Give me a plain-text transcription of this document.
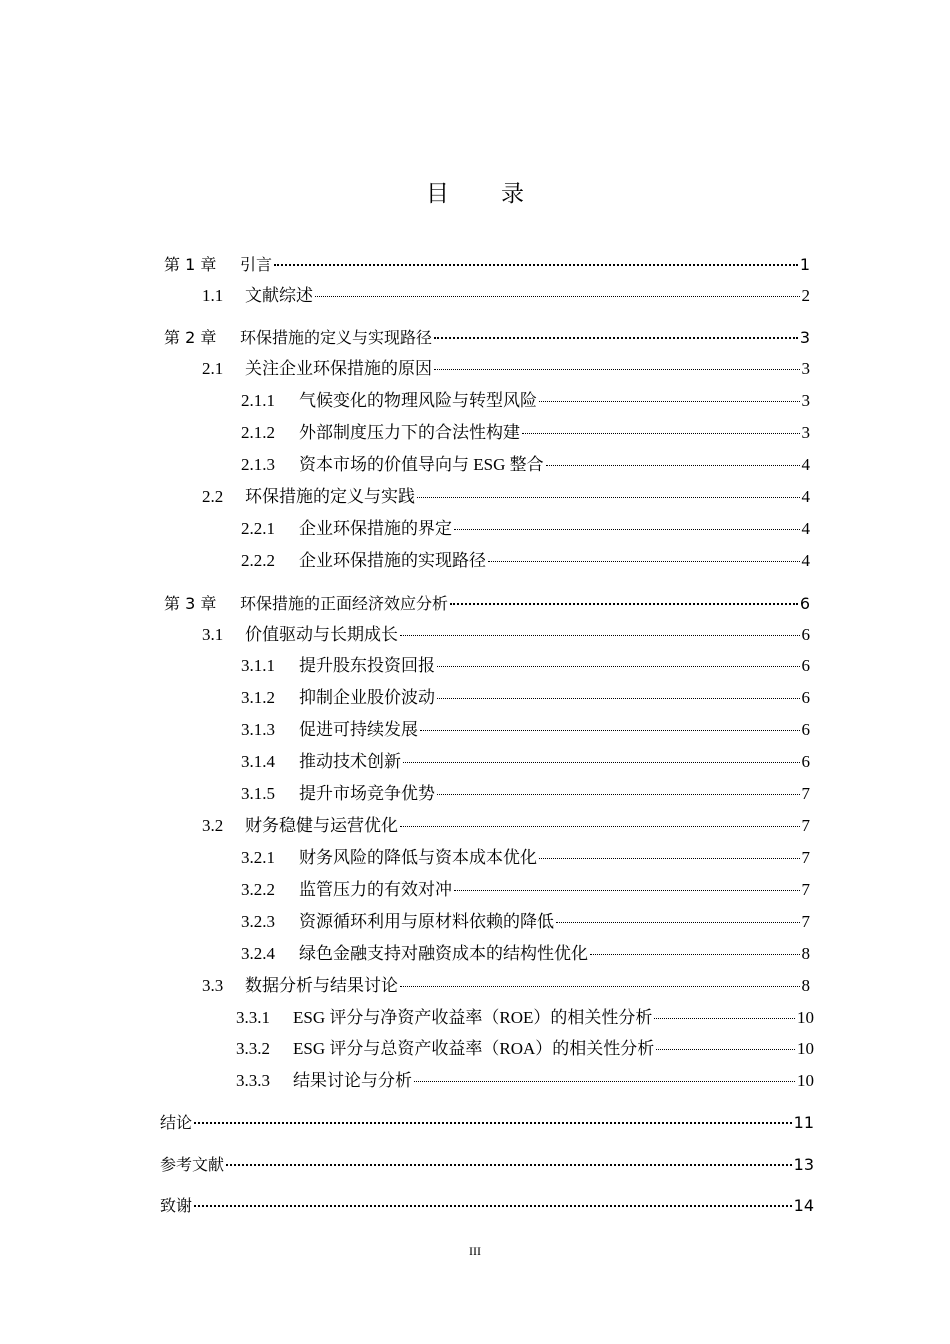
目录
第 1 章	引言	1
1.1	文献综述	2
第 2 章	环保措施的定义与实现路径	3
2.1	关注企业环保措施的原因	3
2.1.1	气候变化的物理风险与转型风险	3
2.1.2	外部制度压力下的合法性构建	3
2.1.3	资本市场的价值导向与 ESG 整合	4
2.2	环保措施的定义与实践	4
2.2.1	企业环保措施的界定	4
2.2.2	企业环保措施的实现路径	4
第 3 章	环保措施的正面经济效应分析	6
3.1	价值驱动与长期成长	6
3.1.1	提升股东投资回报	6
3.1.2	抑制企业股价波动	6
3.1.3	促进可持续发展	6
3.1.4	推动技术创新	6
3.1.5	提升市场竞争优势	7
3.2	财务稳健与运营优化	7
3.2.1	财务风险的降低与资本成本优化	7
3.2.2	监管压力的有效对冲	7
3.2.3	资源循环利用与原材料依赖的降低	7
3.2.4	绿色金融支持对融资成本的结构性优化	8
3.3	数据分析与结果讨论	8
3.3.1	ESG 评分与净资产收益率（ROE）的相关性分析	10
3.3.2	ESG 评分与总资产收益率（ROA）的相关性分析	10
3.3.3	结果讨论与分析	10
结论	11
参考文献	13
致谢	14
III
